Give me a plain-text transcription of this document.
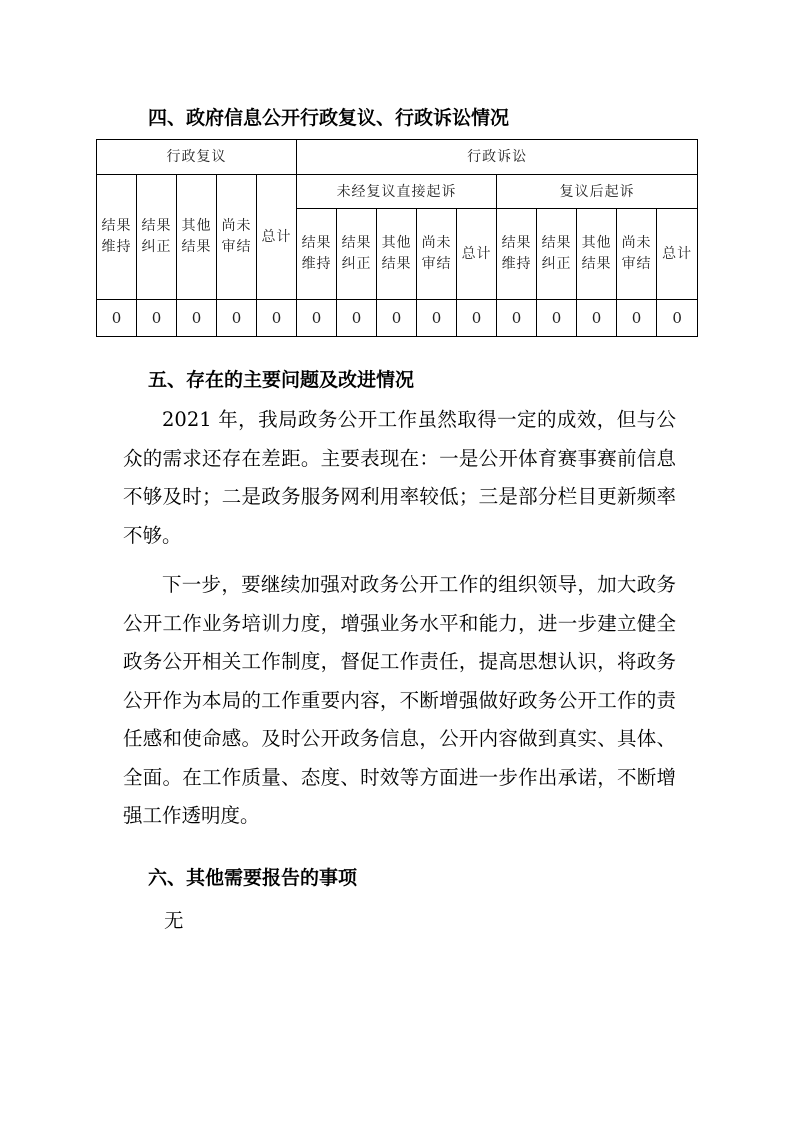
四、政府信息公开行政复议、行政诉讼情况
行政复议					行政诉讼									
结果维持	结果纠正	其他结果	尚未审结	总计	未经复议直接起诉					复议后起诉				
					结果维持	结果纠正	其他结果	尚未审结	总计	结果维持	结果纠正	其他结果	尚未审结	总计
0	0	0	0	0	0	0	0	0	0	0	0	0	0	0
五、存在的主要问题及改进情况

2021 年，我局政务公开工作虽然取得一定的成效，但与公众的需求还存在差距。主要表现在：一是公开体育赛事赛前信息不够及时；二是政务服务网利用率较低；三是部分栏目更新频率不够。

下一步，要继续加强对政务公开工作的组织领导，加大政务公开工作业务培训力度，增强业务水平和能力，进一步建立健全政务公开相关工作制度，督促工作责任，提高思想认识，将政务公开作为本局的工作重要内容，不断增强做好政务公开工作的责任感和使命感。及时公开政务信息，公开内容做到真实、具体、全面。在工作质量、态度、时效等方面进一步作出承诺，不断增强工作透明度。

六、其他需要报告的事项
无
